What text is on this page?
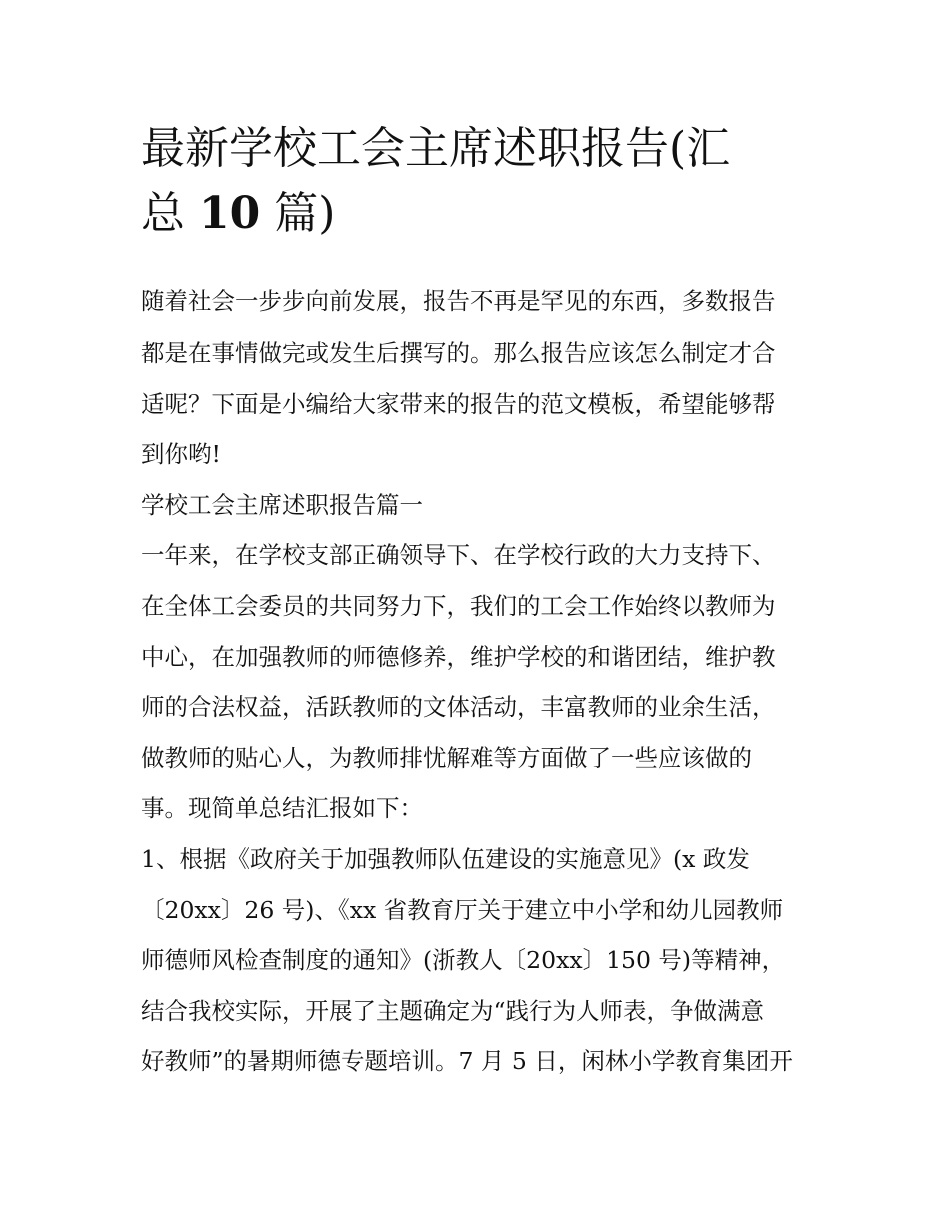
最新学校工会主席述职报告(汇
总 10 篇)

随着社会一步步向前发展，报告不再是罕见的东西，多数报告

都是在事情做完或发生后撰写的。那么报告应该怎么制定才合

适呢？下面是小编给大家带来的报告的范文模板，希望能够帮

到你哟!

学校工会主席述职报告篇一

一年来，在学校支部正确领导下、在学校行政的大力支持下、

在全体工会委员的共同努力下，我们的工会工作始终以教师为

中心，在加强教师的师德修养，维护学校的和谐团结，维护教

师的合法权益，活跃教师的文体活动，丰富教师的业余生活，

做教师的贴心人，为教师排忧解难等方面做了一些应该做的

事。现简单总结汇报如下：

1、根据《政府关于加强教师队伍建设的实施意见》(x 政发

〔20xx〕26 号)、《xx 省教育厅关于建立中小学和幼儿园教师

师德师风检查制度的通知》(浙教人〔20xx〕150 号)等精神，

结合我校实际，开展了主题确定为“践行为人师表，争做满意

好教师”的暑期师德专题培训。7 月 5 日，闲林小学教育集团开
